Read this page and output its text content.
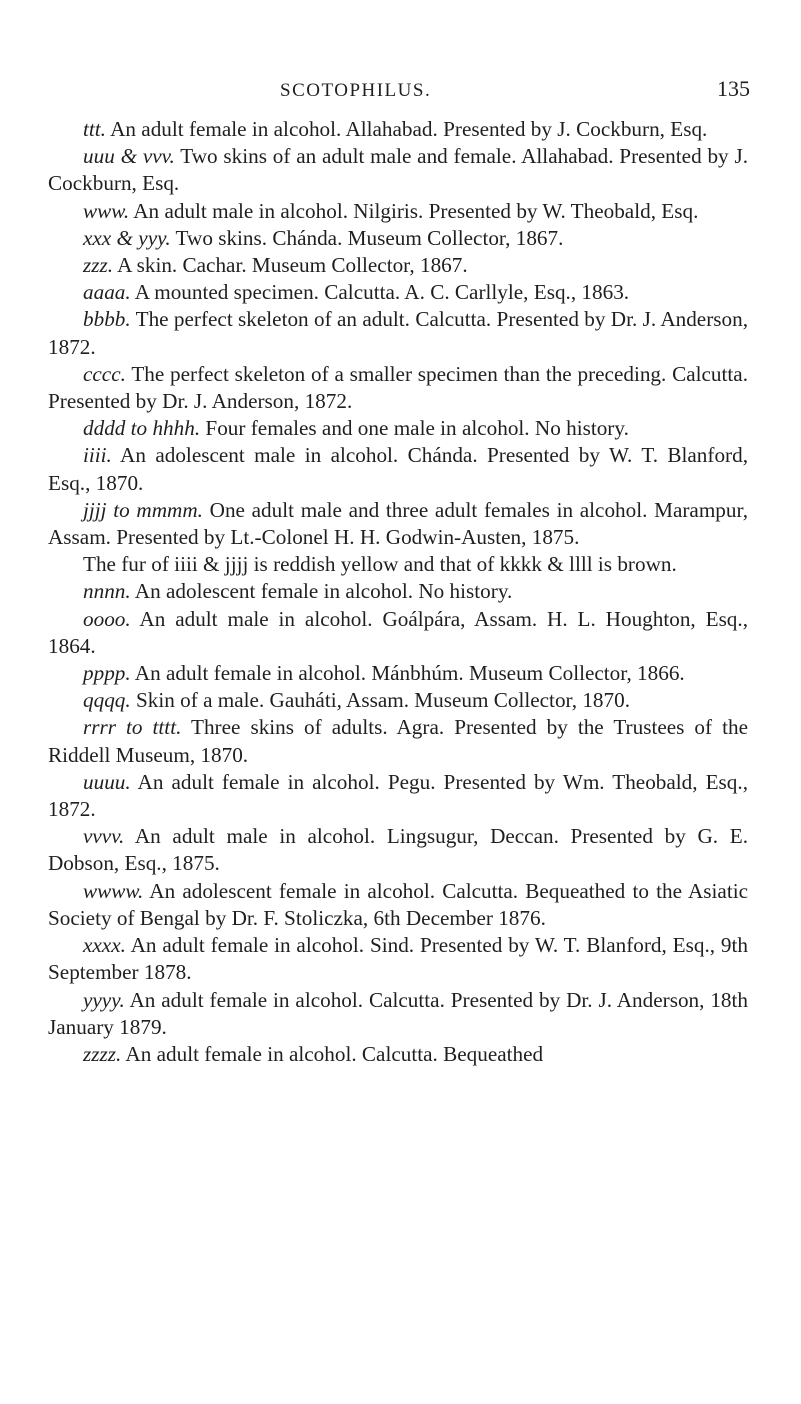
SCOTOPHILUS.	135

ttt. An adult female in alcohol. Allahabad. Presented by J. Cockburn, Esq.

uuu & vvv. Two skins of an adult male and female. Allahabad. Presented by J. Cockburn, Esq.

www. An adult male in alcohol. Nilgiris. Presented by W. Theobald, Esq.

xxx & yyy. Two skins. Chánda. Museum Collector, 1867.

zzz. A skin. Cachar. Museum Collector, 1867.

aaaa. A mounted specimen. Calcutta. A. C. Carllyle, Esq., 1863.

bbbb. The perfect skeleton of an adult. Calcutta. Presented by Dr. J. Anderson, 1872.

cccc. The perfect skeleton of a smaller specimen than the preceding. Calcutta. Presented by Dr. J. Anderson, 1872.

dddd to hhhh. Four females and one male in alcohol. No history.

iiii. An adolescent male in alcohol. Chánda. Presented by W. T. Blanford, Esq., 1870.

jjjj to mmmm. One adult male and three adult females in alcohol. Marampur, Assam. Presented by Lt.-Colonel H. H. Godwin-Austen, 1875.

The fur of iiii & jjjj is reddish yellow and that of kkkk & llll is brown.

nnnn. An adolescent female in alcohol. No history.

oooo. An adult male in alcohol. Goálpára, Assam. H. L. Houghton, Esq., 1864.

pppp. An adult female in alcohol. Mánbhúm. Museum Collector, 1866.

qqqq. Skin of a male. Gauháti, Assam. Museum Collector, 1870.

rrrr to tttt. Three skins of adults. Agra. Presented by the Trustees of the Riddell Museum, 1870.

uuuu. An adult female in alcohol. Pegu. Presented by Wm. Theobald, Esq., 1872.

vvvv. An adult male in alcohol. Lingsugur, Deccan. Presented by G. E. Dobson, Esq., 1875.

wwww. An adolescent female in alcohol. Calcutta. Bequeathed to the Asiatic Society of Bengal by Dr. F. Stoliczka, 6th December 1876.

xxxx. An adult female in alcohol. Sind. Presented by W. T. Blanford, Esq., 9th September 1878.

yyyy. An adult female in alcohol. Calcutta. Presented by Dr. J. Anderson, 18th January 1879.

zzzz. An adult female in alcohol. Calcutta. Bequeathed
